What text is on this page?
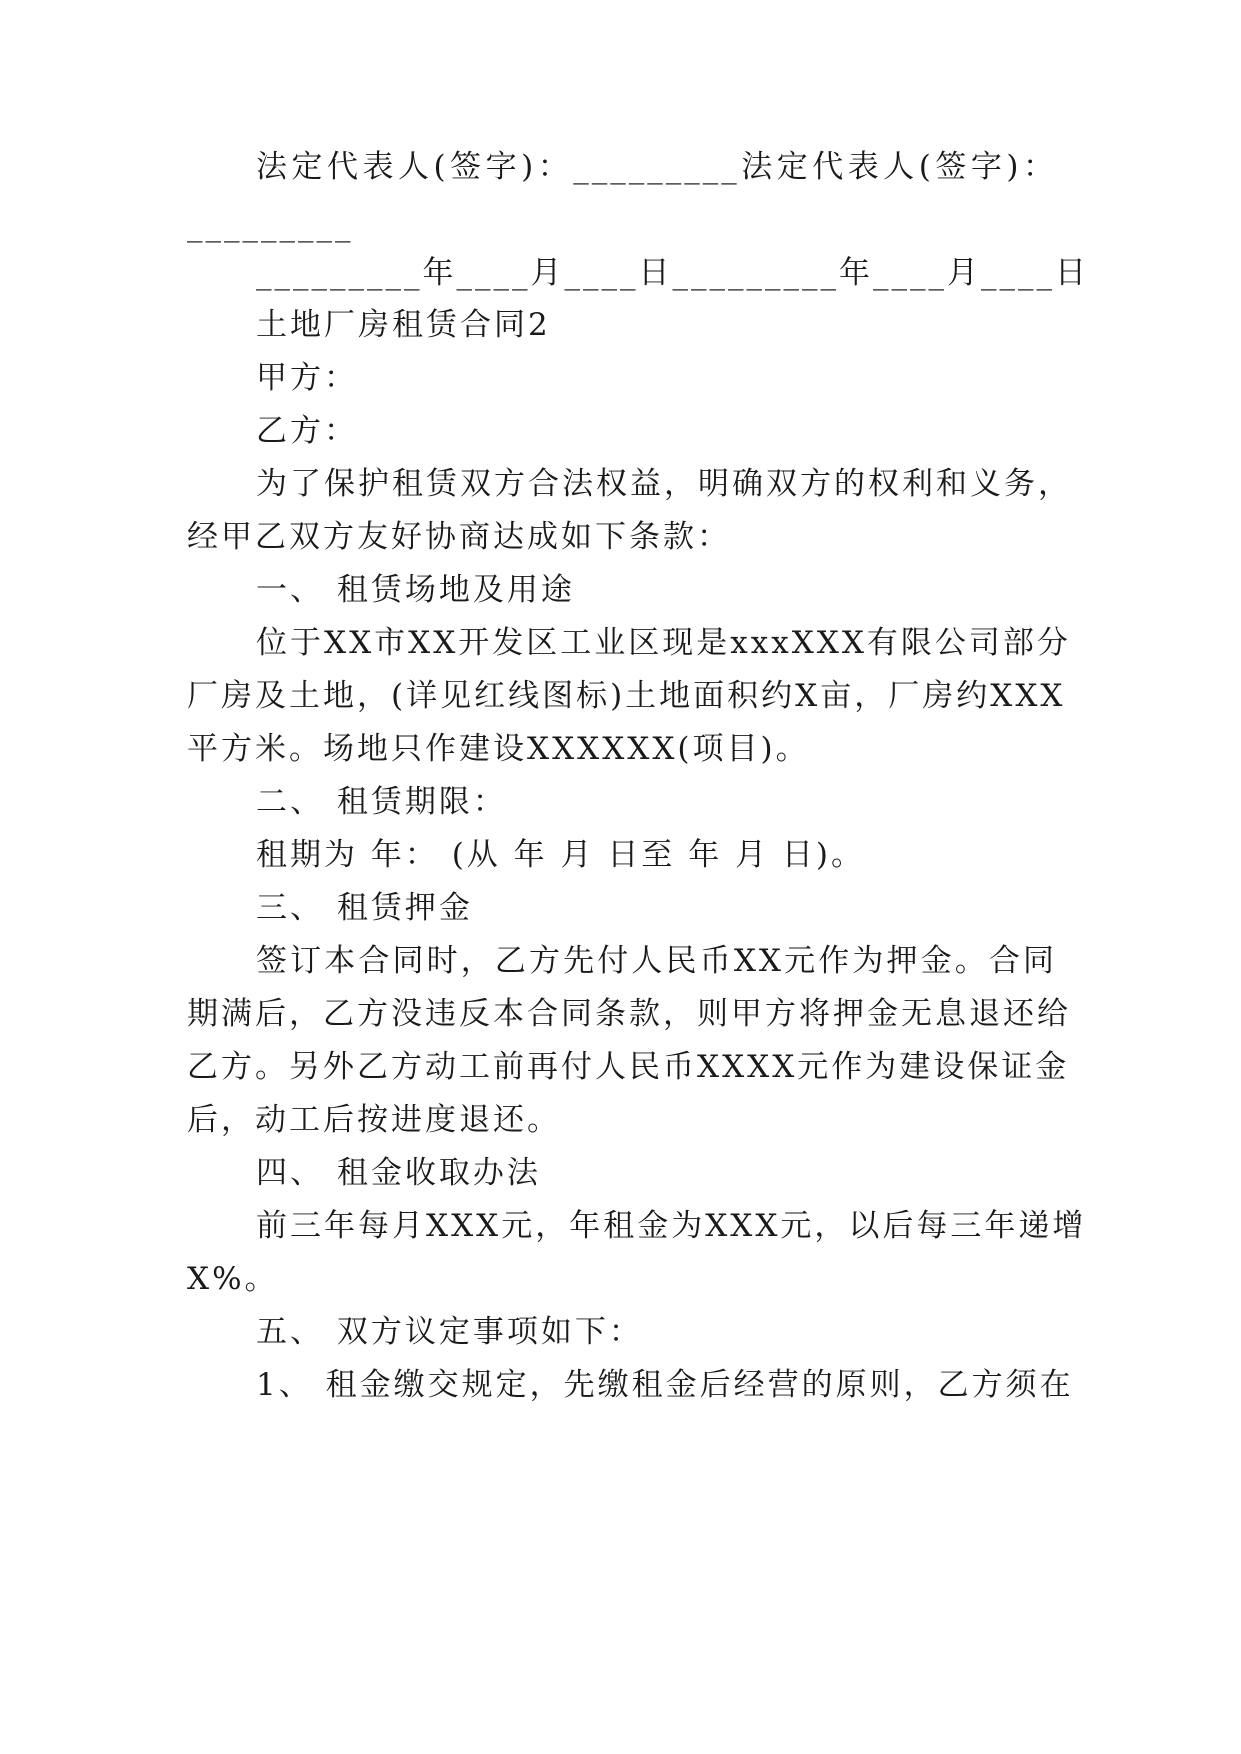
法定代表人(签字)：_________法定代表人(签字)：
_________
_________年____月____日_________年____月____日
土地厂房租赁合同2
甲方：
乙方：
为了保护租赁双方合法权益，明确双方的权利和义务，
经甲乙双方友好协商达成如下条款：
一、 租赁场地及用途
位于XX市XX开发区工业区现是xxxXXX有限公司部分
厂房及土地，(详见红线图标)土地面积约X亩，厂房约XXX
平方米。场地只作建设XXXXXX(项目)。
二、 租赁期限：
租期为 年： (从 年 月 日至 年 月 日)。
三、 租赁押金
签订本合同时，乙方先付人民币XX元作为押金。合同
期满后，乙方没违反本合同条款，则甲方将押金无息退还给
乙方。另外乙方动工前再付人民币XXXX元作为建设保证金
后，动工后按进度退还。
四、 租金收取办法
前三年每月XXX元，年租金为XXX元，以后每三年递增
X%。
五、 双方议定事项如下：
1、 租金缴交规定，先缴租金后经营的原则，乙方须在
